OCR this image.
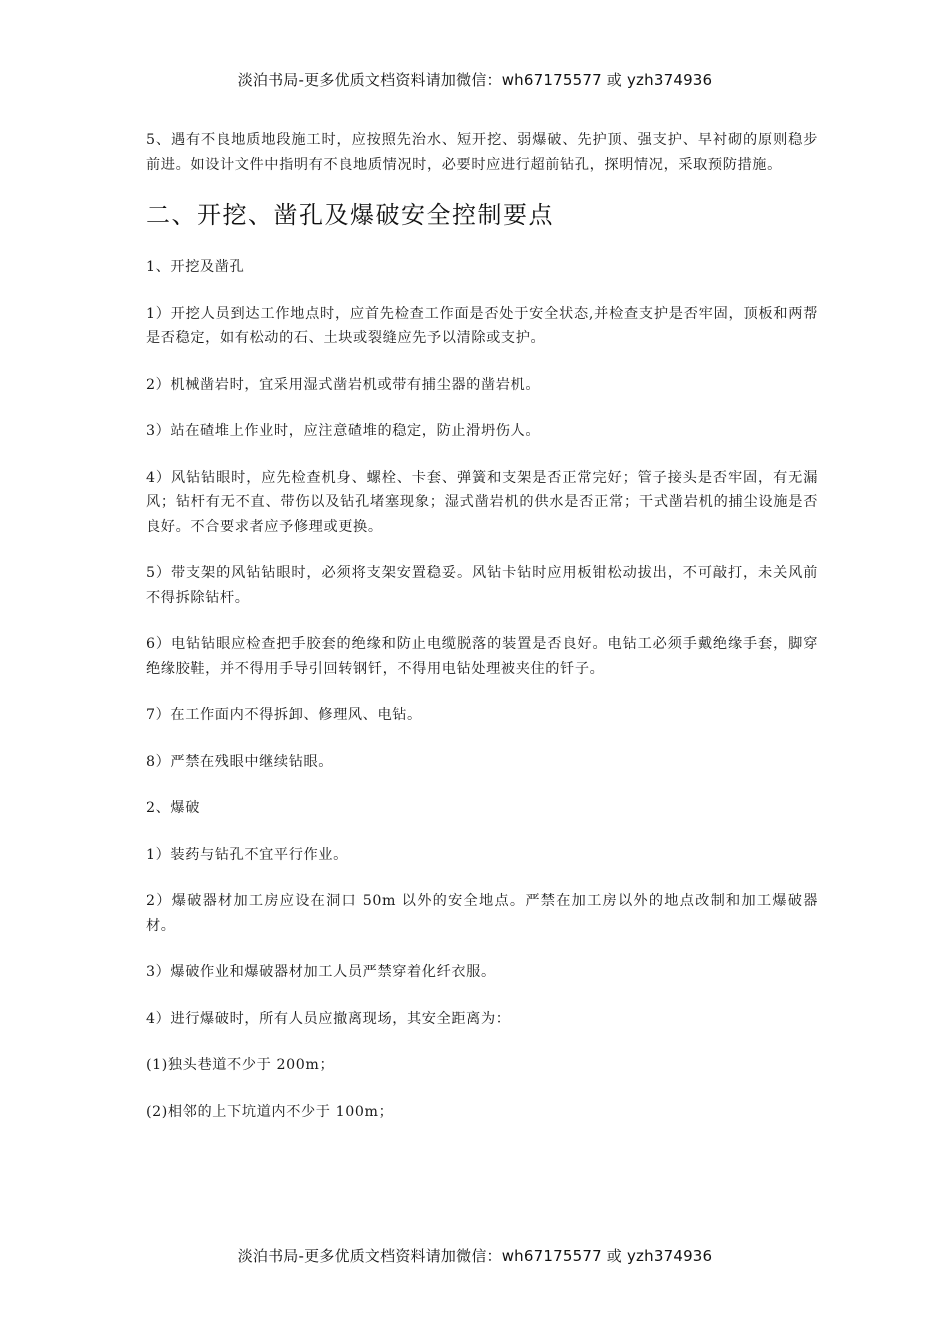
淡泊书局-更多优质文档资料请加微信：wh67175577 或 yzh374936

5、遇有不良地质地段施工时，应按照先治水、短开挖、弱爆破、先护顶、强支护、早衬砌的原则稳步前进。如设计文件中指明有不良地质情况时，必要时应进行超前钻孔，探明情况，采取预防措施。

二、开挖、凿孔及爆破安全控制要点

1、开挖及凿孔

1）开挖人员到达工作地点时，应首先检查工作面是否处于安全状态,并检查支护是否牢固，顶板和两帮是否稳定，如有松动的石、土块或裂缝应先予以清除或支护。

2）机械凿岩时，宜采用湿式凿岩机或带有捕尘器的凿岩机。

3）站在碴堆上作业时，应注意碴堆的稳定，防止滑坍伤人。

4）风钻钻眼时，应先检查机身、螺栓、卡套、弹簧和支架是否正常完好；管子接头是否牢固，有无漏风；钻杆有无不直、带伤以及钻孔堵塞现象；湿式凿岩机的供水是否正常；干式凿岩机的捕尘设施是否良好。不合要求者应予修理或更换。

5）带支架的风钻钻眼时，必须将支架安置稳妥。风钻卡钻时应用板钳松动拔出，不可敲打，未关风前不得拆除钻杆。

6）电钻钻眼应检查把手胶套的绝缘和防止电缆脱落的装置是否良好。电钻工必须手戴绝缘手套，脚穿绝缘胶鞋，并不得用手导引回转钢钎，不得用电钻处理被夹住的钎子。

7）在工作面内不得拆卸、修理风、电钻。

8）严禁在残眼中继续钻眼。

2、爆破

1）装药与钻孔不宜平行作业。

2）爆破器材加工房应设在洞口 50m 以外的安全地点。严禁在加工房以外的地点改制和加工爆破器材。

3）爆破作业和爆破器材加工人员严禁穿着化纤衣服。

4）进行爆破时，所有人员应撤离现场，其安全距离为：

(1)独头巷道不少于 200m；

(2)相邻的上下坑道内不少于 100m；

淡泊书局-更多优质文档资料请加微信：wh67175577 或 yzh374936
